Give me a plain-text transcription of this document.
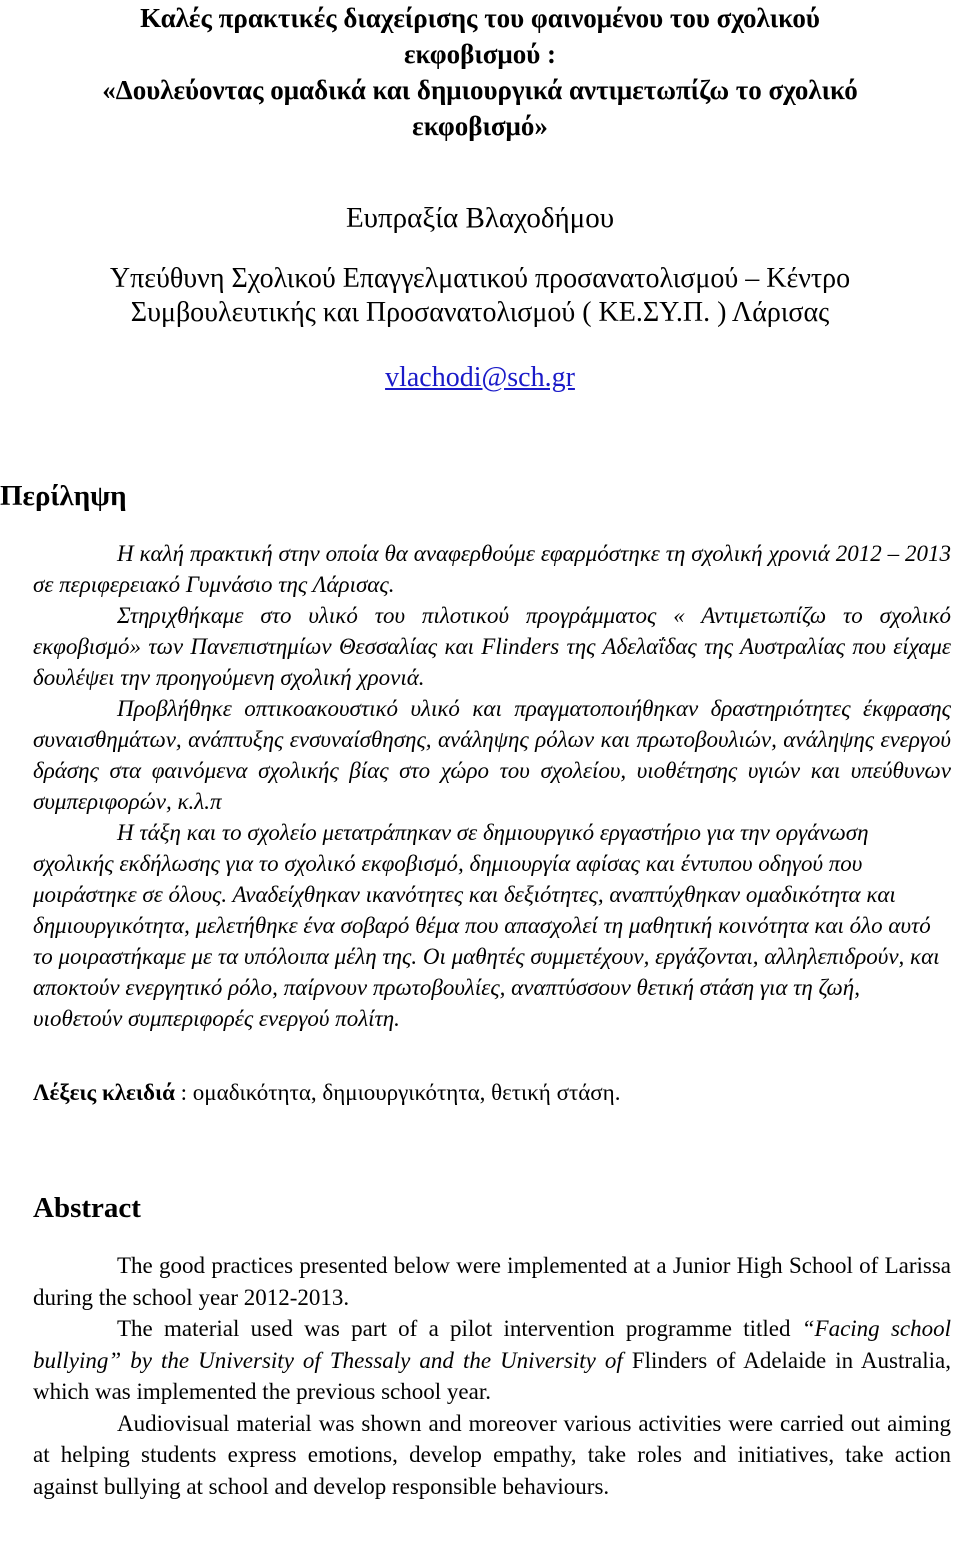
Καλές πρακτικές διαχείρισης του φαινομένου του σχολικού
εκφοβισμού :
«Δουλεύοντας ομαδικά και δημιουργικά αντιμετωπίζω το σχολικό
εκφοβισμό»
Ευπραξία Βλαχοδήμου
Υπεύθυνη Σχολικού Επαγγελματικού προσανατολισμού – Κέντρο
Συμβουλευτικής και Προσανατολισμού ( ΚΕ.ΣΥ.Π. ) Λάρισας
vlachodi@sch.gr
Περίληψη

Η καλή πρακτική στην οποία θα αναφερθούμε εφαρμόστηκε τη σχολική χρονιά 2012 – 2013 σε περιφερειακό Γυμνάσιο της Λάρισας.

Στηριχθήκαμε στο υλικό του πιλοτικού προγράμματος « Αντιμετωπίζω το σχολικό εκφοβισμό» των Πανεπιστημίων Θεσσαλίας και Flinders της Αδελαΐδας της Αυστραλίας που είχαμε δουλέψει την προηγούμενη σχολική χρονιά.

Προβλήθηκε οπτικοακουστικό υλικό και πραγματοποιήθηκαν δραστηριότητες έκφρασης συναισθημάτων, ανάπτυξης ενσυναίσθησης, ανάληψης ρόλων και πρωτοβουλιών, ανάληψης ενεργού δράσης στα φαινόμενα σχολικής βίας στο χώρο του σχολείου, υιοθέτησης υγιών και υπεύθυνων συμπεριφορών, κ.λ.π

Η τάξη και το σχολείο μετατράπηκαν σε δημιουργικό εργαστήριο για την οργάνωση σχολικής εκδήλωσης για το σχολικό εκφοβισμό, δημιουργία αφίσας και έντυπου οδηγού που μοιράστηκε σε όλους. Αναδείχθηκαν ικανότητες και δεξιότητες, αναπτύχθηκαν ομαδικότητα και δημιουργικότητα, μελετήθηκε ένα σοβαρό θέμα που απασχολεί τη μαθητική κοινότητα και όλο αυτό το μοιραστήκαμε με τα υπόλοιπα μέλη της. Οι μαθητές συμμετέχουν, εργάζονται, αλληλεπιδρούν, και αποκτούν ενεργητικό ρόλο, παίρνουν πρωτοβουλίες, αναπτύσσουν θετική στάση για τη ζωή, υιοθετούν συμπεριφορές ενεργού πολίτη.

Λέξεις κλειδιά : ομαδικότητα, δημιουργικότητα, θετική στάση.
Abstract

The good practices presented below were implemented at a Junior High School of Larissa during the school year 2012-2013.

The material used was part of a pilot intervention programme titled “Facing school bullying” by the University of Thessaly and the University of Flinders of Adelaide in Australia, which was implemented the previous school year.

Audiovisual material was shown and moreover various activities were carried out aiming at helping students express emotions, develop empathy, take roles and initiatives, take action against bullying at school and develop responsible behaviours.
